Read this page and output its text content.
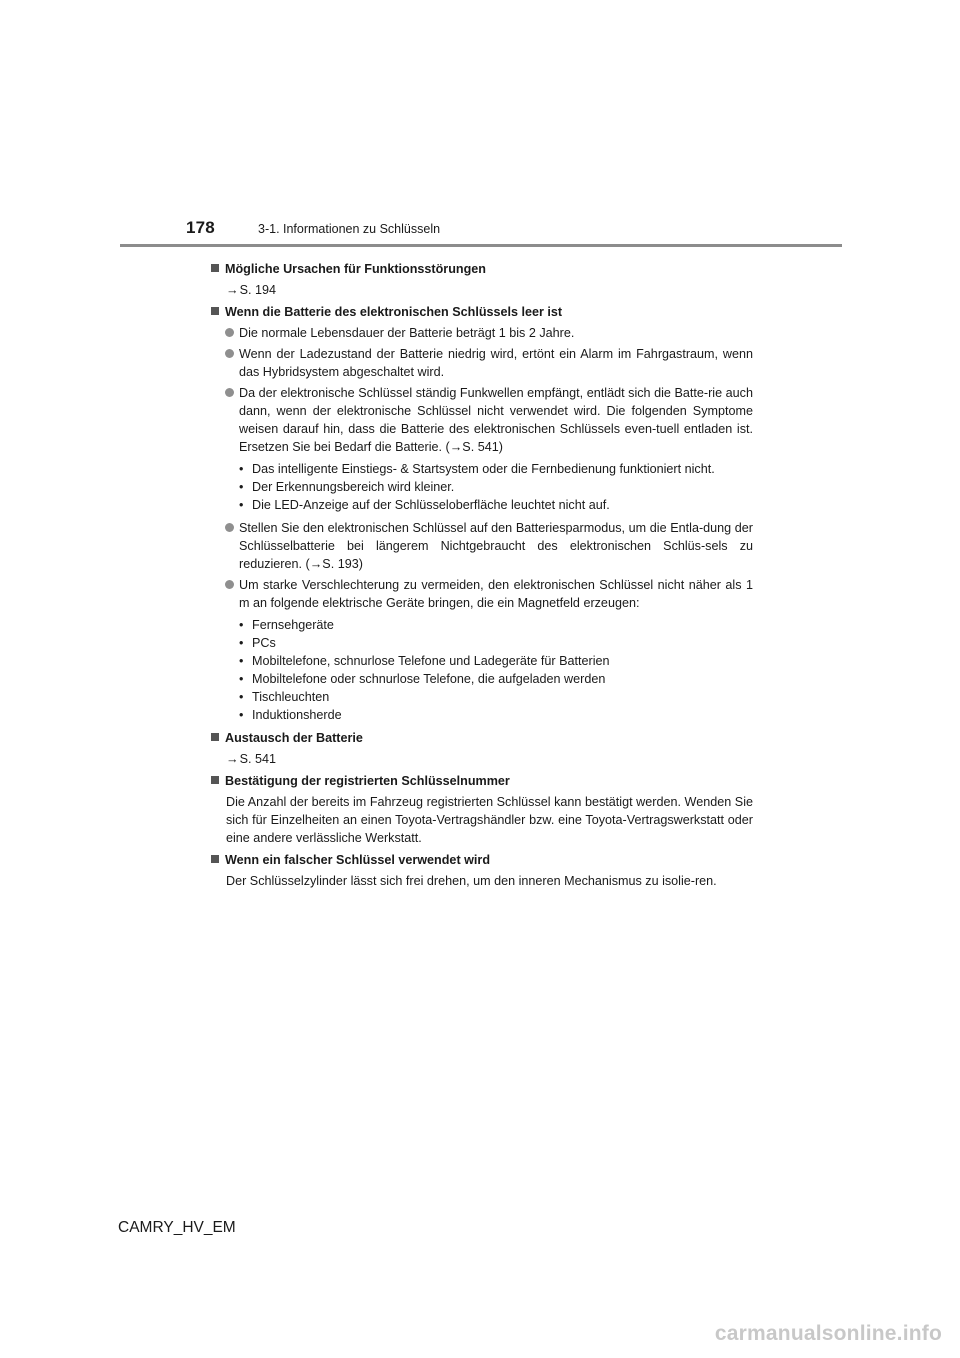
178	3-1. Informationen zu Schlüsseln
Mögliche Ursachen für Funktionsstörungen
→S. 194
Wenn die Batterie des elektronischen Schlüssels leer ist
Die normale Lebensdauer der Batterie beträgt 1 bis 2 Jahre.
Wenn der Ladezustand der Batterie niedrig wird, ertönt ein Alarm im Fahrgastraum, wenn das Hybridsystem abgeschaltet wird.
Da der elektronische Schlüssel ständig Funkwellen empfängt, entlädt sich die Batte-rie auch dann, wenn der elektronische Schlüssel nicht verwendet wird. Die folgenden Symptome weisen darauf hin, dass die Batterie des elektronischen Schlüssels even-tuell entladen ist. Ersetzen Sie bei Bedarf die Batterie. (→S. 541)
• Das intelligente Einstiegs- & Startsystem oder die Fernbedienung funktioniert nicht.
• Der Erkennungsbereich wird kleiner.
• Die LED-Anzeige auf der Schlüsseloberfläche leuchtet nicht auf.
Stellen Sie den elektronischen Schlüssel auf den Batteriesparmodus, um die Entla-dung der Schlüsselbatterie bei längerem Nichtgebraucht des elektronischen Schlüs-sels zu reduzieren. (→S. 193)
Um starke Verschlechterung zu vermeiden, den elektronischen Schlüssel nicht näher als 1 m an folgende elektrische Geräte bringen, die ein Magnetfeld erzeugen:
• Fernsehgeräte
• PCs
• Mobiltelefone, schnurlose Telefone und Ladegeräte für Batterien
• Mobiltelefone oder schnurlose Telefone, die aufgeladen werden
• Tischleuchten
• Induktionsherde
Austausch der Batterie
→S. 541
Bestätigung der registrierten Schlüsselnummer
Die Anzahl der bereits im Fahrzeug registrierten Schlüssel kann bestätigt werden. Wenden Sie sich für Einzelheiten an einen Toyota-Vertragshändler bzw. eine Toyota-Vertragswerkstatt oder eine andere verlässliche Werkstatt.
Wenn ein falscher Schlüssel verwendet wird
Der Schlüsselzylinder lässt sich frei drehen, um den inneren Mechanismus zu isolie-ren.
CAMRY_HV_EM
carmanualsonline.info
